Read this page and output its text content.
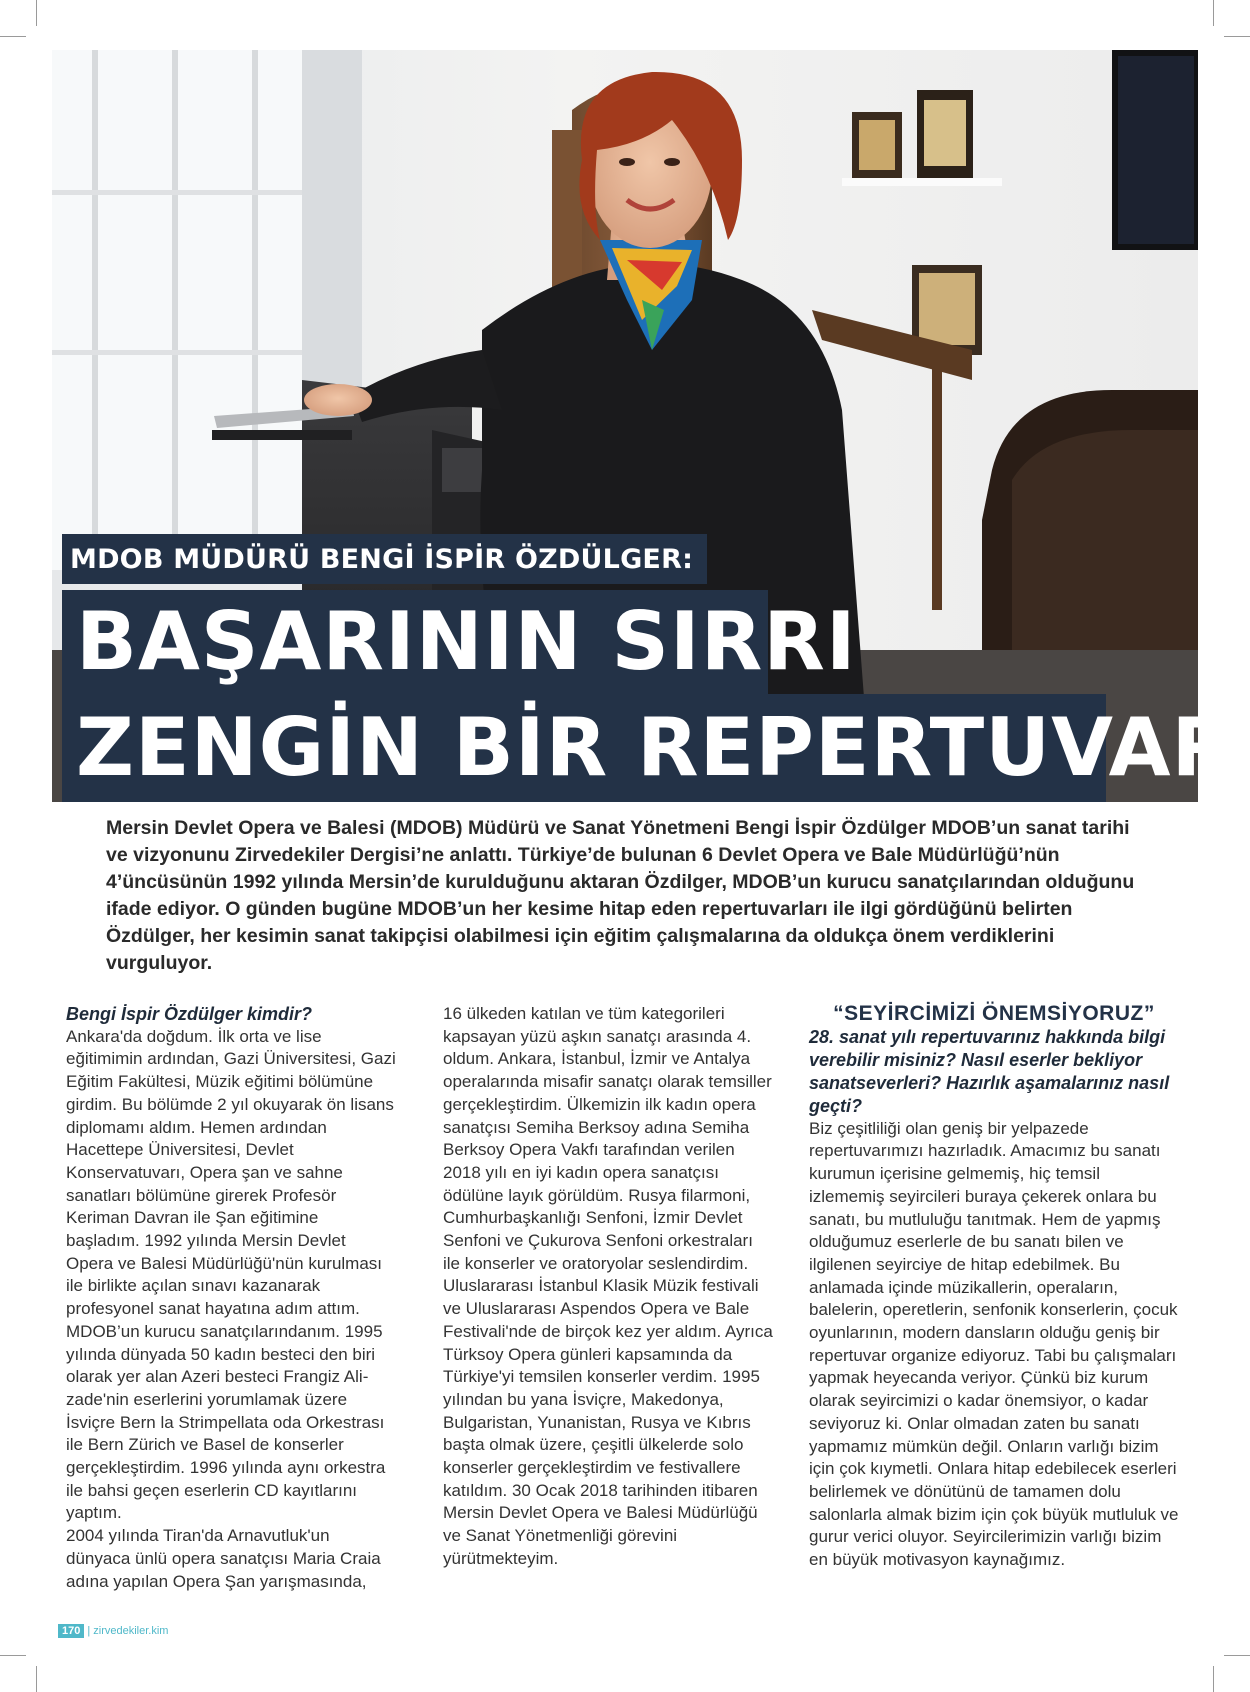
MDOB MÜDÜRÜ BENGİ İSPİR ÖZDÜLGER:
BAŞARININ SIRRI
ZENGİN BİR REPERTUVAR
Mersin Devlet Opera ve Balesi (MDOB) Müdürü ve Sanat Yönetmeni Bengi İspir Özdülger MDOB’un sanat tarihi ve vizyonunu Zirvedekiler Dergisi’ne anlattı. Türkiye’de bulunan 6 Devlet Opera ve Bale Müdürlüğü’nün 4’üncüsünün 1992 yılında Mersin’de kurulduğunu aktaran Özdilger, MDOB’un kurucu sanatçılarından olduğunu ifade ediyor. O günden bugüne MDOB’un her kesime hitap eden repertuvarları ile ilgi gördüğünü belirten Özdülger, her kesimin sanat takipçisi olabilmesi için eğitim çalışmalarına da oldukça önem verdiklerini vurguluyor.

Bengi İspir Özdülger kimdir?

Ankara'da doğdum. İlk orta ve lise eğitimimin ardından, Gazi Üniversitesi, Gazi Eğitim Fakültesi, Müzik eğitimi bölümüne girdim. Bu bölümde 2 yıl okuyarak ön lisans diplomamı aldım. Hemen ardından Hacettepe Üniversitesi, Devlet Konservatuvarı, Opera şan ve sahne sanatları bölümüne girerek Profesör Keriman Davran ile Şan eğitimine başladım. 1992 yılında Mersin Devlet Opera ve Balesi Müdürlüğü'nün kurulması ile birlikte açılan sınavı kazanarak profesyonel sanat hayatına adım attım. MDOB’un kurucu sanatçılarındanım. 1995 yılında dünyada 50 kadın besteci den biri olarak yer alan Azeri besteci Frangiz Ali-zade'nin eserlerini yorumlamak üzere İsviçre Bern la Strimpellata oda Orkestrası ile Bern Zürich ve Basel de konserler gerçekleştirdim. 1996 yılında aynı orkestra ile bahsi geçen eserlerin CD kayıtlarını yaptım.

2004 yılında Tiran'da Arnavutluk'un dünyaca ünlü opera sanatçısı Maria Craia adına yapılan Opera Şan yarışmasında,

16 ülkeden katılan ve tüm kategorileri kapsayan yüzü aşkın sanatçı arasında 4. oldum. Ankara, İstanbul, İzmir ve Antalya operalarında misafir sanatçı olarak temsiller gerçekleştirdim. Ülkemizin ilk kadın opera sanatçısı Semiha Berksoy adına Semiha Berksoy Opera Vakfı tarafından verilen 2018 yılı en iyi kadın opera sanatçısı ödülüne layık görüldüm. Rusya filarmoni, Cumhurbaşkanlığı Senfoni, İzmir Devlet Senfoni ve Çukurova Senfoni orkestraları ile konserler ve oratoryolar seslendirdim. Uluslararası İstanbul Klasik Müzik festivali ve Uluslararası Aspendos Opera ve Bale Festivali'nde de birçok kez yer aldım. Ayrıca Türksoy Opera günleri kapsamında da Türkiye'yi temsilen konserler verdim. 1995 yılından bu yana İsviçre, Makedonya, Bulgaristan, Yunanistan, Rusya ve Kıbrıs başta olmak üzere, çeşitli ülkelerde solo konserler gerçekleştirdim ve festivallere katıldım. 30 Ocak 2018 tarihinden itibaren Mersin Devlet Opera ve Balesi Müdürlüğü ve Sanat Yönetmenliği görevini yürütmekteyim.

“SEYİRCİMİZİ ÖNEMSİYORUZ”

28. sanat yılı repertuvarınız hakkında bilgi verebilir misiniz? Nasıl eserler bekliyor sanatseverleri? Hazırlık aşamalarınız nasıl geçti?

Biz çeşitliliği olan geniş bir yelpazede repertuvarımızı hazırladık. Amacımız bu sanatı kurumun içerisine gelmemiş, hiç temsil izlememiş seyircileri buraya çekerek onlara bu sanatı, bu mutluluğu tanıtmak. Hem de yapmış olduğumuz eserlerle de bu sanatı bilen ve ilgilenen seyirciye de hitap edebilmek. Bu anlamada içinde müzikallerin, operaların, balelerin, operetlerin, senfonik konserlerin, çocuk oyunlarının, modern dansların olduğu geniş bir repertuvar organize ediyoruz. Tabi bu çalışmaları yapmak heyecanda veriyor. Çünkü biz kurum olarak seyircimizi o kadar önemsiyor, o kadar seviyoruz ki. Onlar olmadan zaten bu sanatı yapmamız mümkün değil. Onların varlığı bizim için çok kıymetli. Onlara hitap edebilecek eserleri belirlemek ve dönütünü de tamamen dolu salonlarla almak bizim için çok büyük mutluluk ve gurur verici oluyor. Seyircilerimizin varlığı bizim en büyük motivasyon kaynağımız.

170 | zirvedekiler.kim
